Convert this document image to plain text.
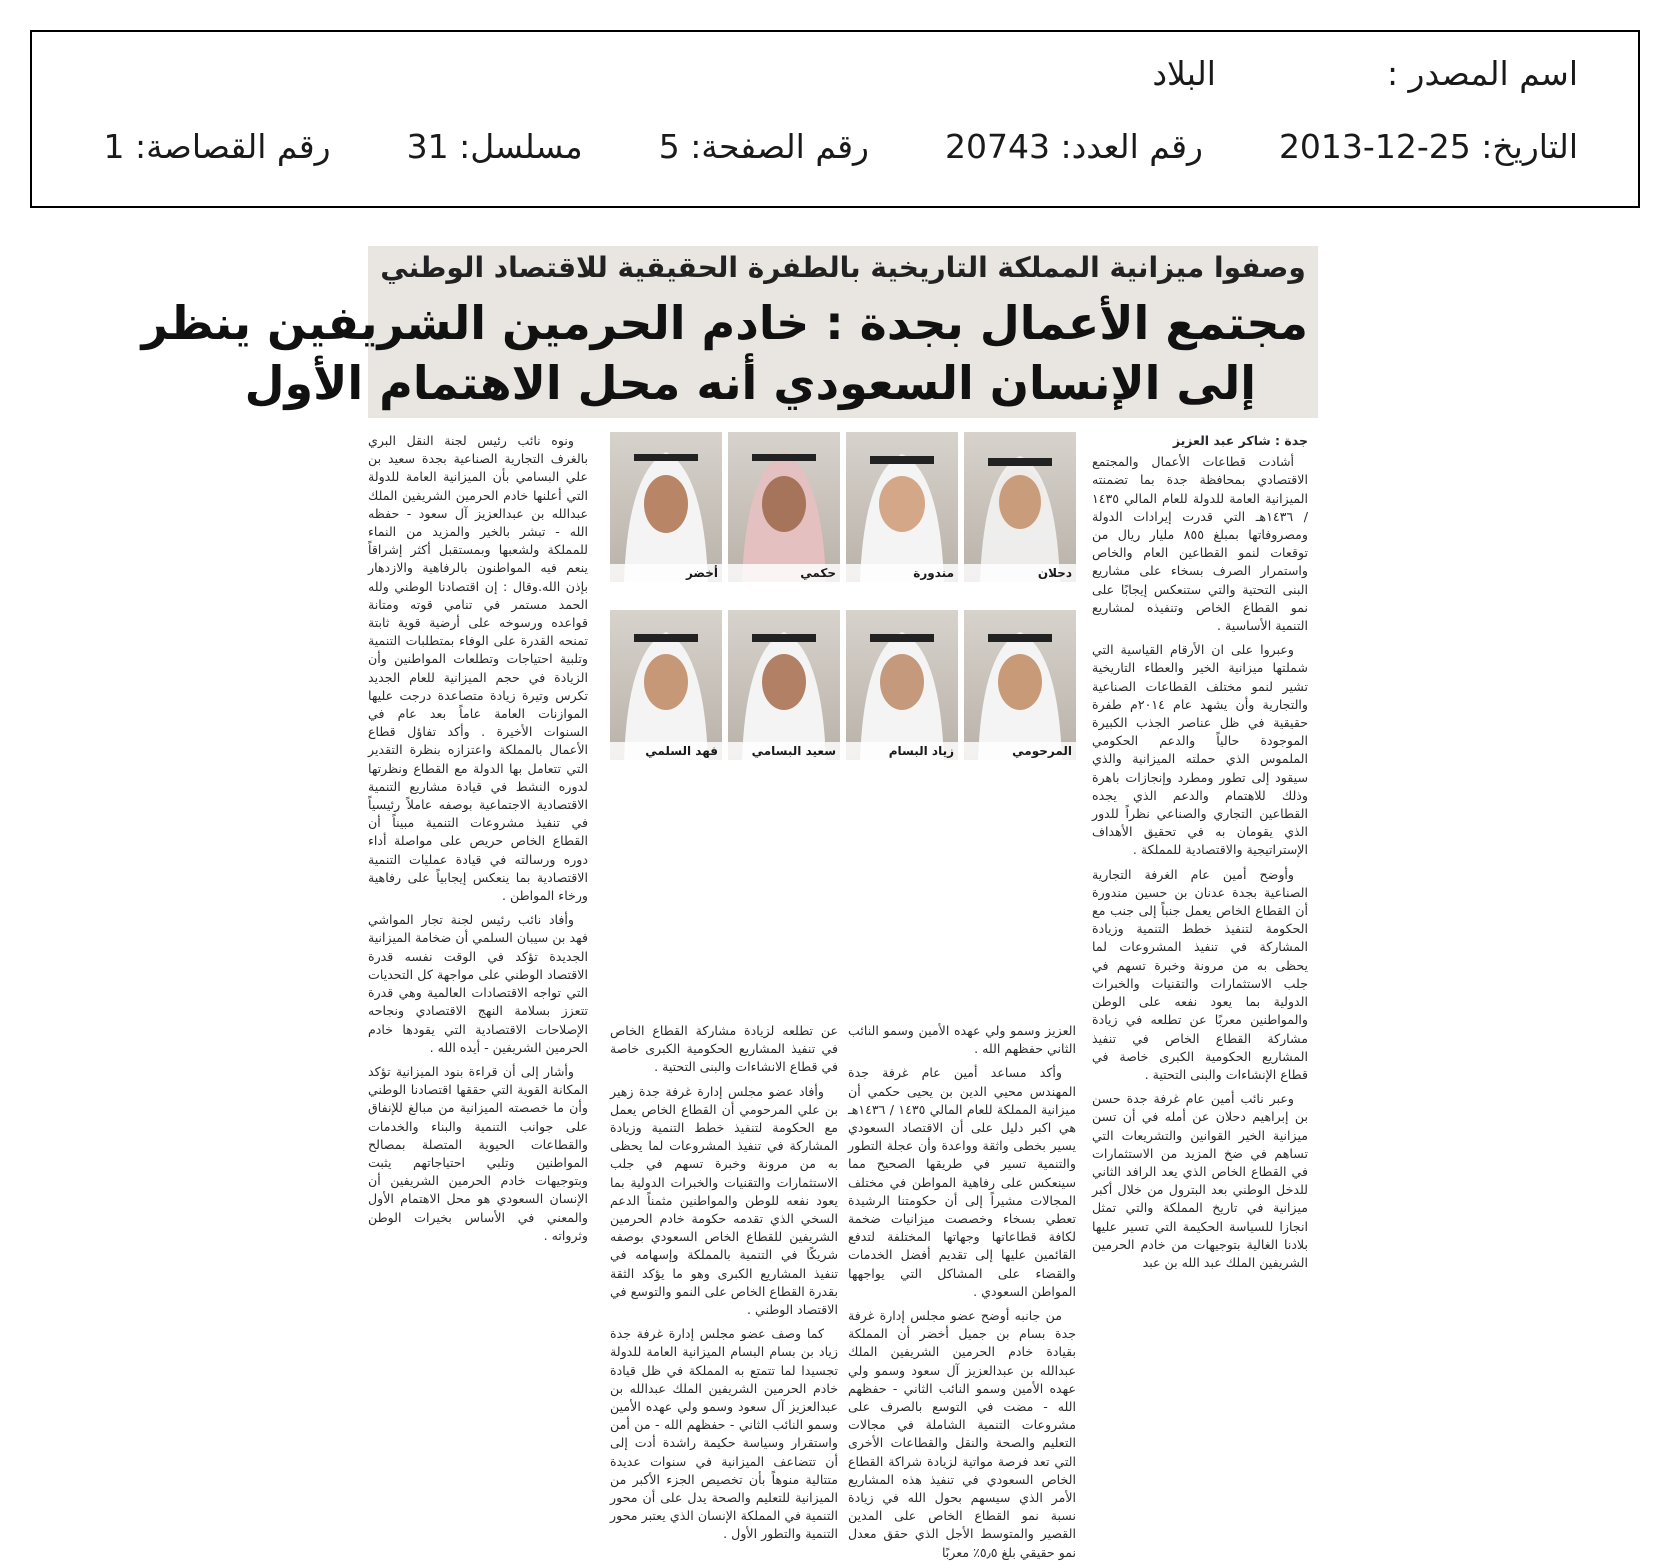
اسم المصدر :  البلاد
التاريخ: 2013-12-25  رقم العدد: 20743  رقم الصفحة: 5  مسلسل: 31  رقم القصاصة: 1
وصفوا ميزانية المملكة التاريخية بالطفرة الحقيقية للاقتصاد الوطني
مجتمع الأعمال بجدة : خادم الحرمين الشريفين ينظر
إلى الإنسان السعودي أنه محل الاهتمام الأول

جدة : شاكر عبد العزيز

أشادت قطاعات الأعمال والمجتمع الاقتصادي بمحافظة جدة بما تضمنته الميزانية العامة للدولة للعام المالي ١٤٣٥ / ١٤٣٦هـ التي قدرت إيرادات الدولة ومصروفاتها بمبلغ ٨٥٥ مليار ريال من توقعات لنمو القطاعين العام والخاص واستمرار الصرف بسخاء على مشاريع البنى التحتية والتي ستنعكس إيجابًا على نمو القطاع الخاص وتنفيذه لمشاريع التنمية الأساسية .

وعبروا على ان الأرقام القياسية التي شملتها ميزانية الخير والعطاء التاريخية تشير لنمو مختلف القطاعات الصناعية والتجارية وأن يشهد عام ٢٠١٤م طفرة حقيقية في ظل عناصر الجذب الكبيرة الموجودة حالياً والدعم الحكومي الملموس الذي حملته الميزانية والذي سيقود إلى تطور ومطرد وإنجازات باهرة وذلك للاهتمام والدعم الذي يجده القطاعين التجاري والصناعي نظراً للدور الذي يقومان به في تحقيق الأهداف الإستراتيجية والاقتصادية للمملكة .

وأوضح أمين عام الغرفة التجارية الصناعية بجدة عدنان بن حسين مندورة أن القطاع الخاص يعمل جنباً إلى جنب مع الحكومة لتنفيذ خطط التنمية وزيادة المشاركة في تنفيذ المشروعات لما يحظى به من مرونة وخبرة تسهم في جلب الاستثمارات والتقنيات والخبرات الدولية بما يعود نفعه على الوطن والمواطنين معربًا عن تطلعه في زيادة مشاركة القطاع الخاص في تنفيذ المشاريع الحكومية الكبرى خاصة في قطاع الإنشاءات والبنى التحتية .

وعبر نائب أمين عام غرفة جدة حسن بن إبراهيم دحلان عن أمله في أن تسن ميزانية الخير القوانين والتشريعات التي تساهم في ضخ المزيد من الاستثمارات في القطاع الخاص الذي يعد الرافد الثاني للدخل الوطني بعد البترول من خلال أكبر ميزانية في تاريخ المملكة والتي تمثل انجازا للسياسة الحكيمة التي تسير عليها بلادنا الغالية بتوجيهات من خادم الحرمين الشريفين الملك عبد الله بن عبد

دحلان
مندورة
حكمي
أخضر
المرحومي
زياد البسام
سعيد البسامي
فهد السلمي

العزيز وسمو ولي عهده الأمين وسمو النائب الثاني حفظهم الله .

وأكد مساعد أمين عام غرفة جدة المهندس محيي الدين بن يحيى حكمي أن ميزانية المملكة للعام المالي ١٤٣٥ / ١٤٣٦هـ هي اكبر دليل على أن الاقتصاد السعودي يسير بخطى واثقة وواعدة وأن عجلة التطور والتنمية تسير في طريقها الصحيح مما سينعكس على رفاهية المواطن في مختلف المجالات مشيراً إلى أن حكومتنا الرشيدة تعطي بسخاء وخصصت ميزانيات ضخمة لكافة قطاعاتها وجهاتها المختلفة لتدفع القائمين عليها إلى تقديم أفضل الخدمات والقضاء على المشاكل التي يواجهها المواطن السعودي .

من جانبه أوضح عضو مجلس إدارة غرفة جدة بسام بن جميل أخضر أن المملكة بقيادة خادم الحرمين الشريفين الملك عبدالله بن عبدالعزيز آل سعود وسمو ولي عهده الأمين وسمو النائب الثاني - حفظهم الله - مضت في التوسع بالصرف على مشروعات التنمية الشاملة في مجالات التعليم والصحة والنقل والقطاعات الأخرى التي تعد فرصة مواتية لزيادة شراكة القطاع الخاص السعودي في تنفيذ هذه المشاريع الأمر الذي سيسهم بحول الله في زيادة نسبة نمو القطاع الخاص على المدين القصير والمتوسط الأجل الذي حقق معدل نمو حقيقي بلغ ٥٫٥٪ معربًا

عن تطلعه لزيادة مشاركة القطاع الخاص في تنفيذ المشاريع الحكومية الكبرى خاصة في قطاع الانشاءات والبنى التحتية .

وأفاد عضو مجلس إدارة غرفة جدة زهير بن علي المرحومي أن القطاع الخاص يعمل مع الحكومة لتنفيذ خطط التنمية وزيادة المشاركة في تنفيذ المشروعات لما يحظى به من مرونة وخبرة تسهم في جلب الاستثمارات والتقنيات والخبرات الدولية بما يعود نفعه للوطن والمواطنين مثمناً الدعم السخي الذي تقدمه حكومة خادم الحرمين الشريفين للقطاع الخاص السعودي بوصفه شريكًا في التنمية بالمملكة وإسهامه في تنفيذ المشاريع الكبرى وهو ما يؤكد الثقة بقدرة القطاع الخاص على النمو والتوسع في الاقتصاد الوطني .

كما وصف عضو مجلس إدارة غرفة جدة زياد بن بسام البسام الميزانية العامة للدولة تجسيدا لما تتمتع به المملكة في ظل قيادة خادم الحرمين الشريفين الملك عبدالله بن عبدالعزيز آل سعود وسمو ولي عهده الأمين وسمو النائب الثاني - حفظهم الله - من أمن واستقرار وسياسة حكيمة راشدة أدت إلى أن تتضاعف الميزانية في سنوات عديدة متتالية منوهاً بأن تخصيص الجزء الأكبر من الميزانية للتعليم والصحة يدل على أن محور التنمية في المملكة الإنسان الذي يعتبر محور التنمية والتطور الأول .

ونوه نائب رئيس لجنة النقل البري بالغرف التجارية الصناعية بجدة سعيد بن علي البسامي بأن الميزانية العامة للدولة التي أعلنها خادم الحرمين الشريفين الملك عبدالله بن عبدالعزيز آل سعود - حفظه الله - تبشر بالخير والمزيد من النماء للمملكة ولشعبها وبمستقبل أكثر إشراقاً ينعم فيه المواطنون بالرفاهية والازدهار بإذن الله.وقال : إن اقتصادنا الوطني ولله الحمد مستمر في تنامي قوته ومتانة قواعده ورسوخه على أرضية قوية ثابتة تمنحه القدرة على الوفاء بمتطلبات التنمية وتلبية احتياجات وتطلعات المواطنين وأن الزيادة في حجم الميزانية للعام الجديد تكرس وتيرة زيادة متصاعدة درجت عليها الموازنات العامة عاماً بعد عام في السنوات الأخيرة . وأكد تفاؤل قطاع الأعمال بالمملكة واعتزازه بنظرة التقدير التي تتعامل بها الدولة مع القطاع ونظرتها لدوره النشط في قيادة مشاريع التنمية الاقتصادية الاجتماعية بوصفه عاملاً رئيسياً في تنفيذ مشروعات التنمية مبيناً أن القطاع الخاص حريص على مواصلة أداء دوره ورسالته في قيادة عمليات التنمية الاقتصادية بما ينعكس إيجابياً على رفاهية ورخاء المواطن .

وأفاد نائب رئيس لجنة تجار المواشي فهد بن سيبان السلمي أن ضخامة الميزانية الجديدة تؤكد في الوقت نفسه قدرة الاقتصاد الوطني على مواجهة كل التحديات التي تواجه الاقتصادات العالمية وهي قدرة تتعزز بسلامة النهج الاقتصادي ونجاحه الإصلاحات الاقتصادية التي يقودها خادم الحرمين الشريفين - أيده الله .

وأشار إلى أن قراءة بنود الميزانية تؤكد المكانة القوية التي حققها اقتصادنا الوطني وأن ما خصصته الميزانية من مبالغ للإنفاق على جوانب التنمية والبناء والخدمات والقطاعات الحيوية المتصلة بمصالح المواطنين وتلبي احتياجاتهم يثبت وبتوجيهات خادم الحرمين الشريفين أن الإنسان السعودي هو محل الاهتمام الأول والمعني في الأساس بخيرات الوطن وثرواته .
